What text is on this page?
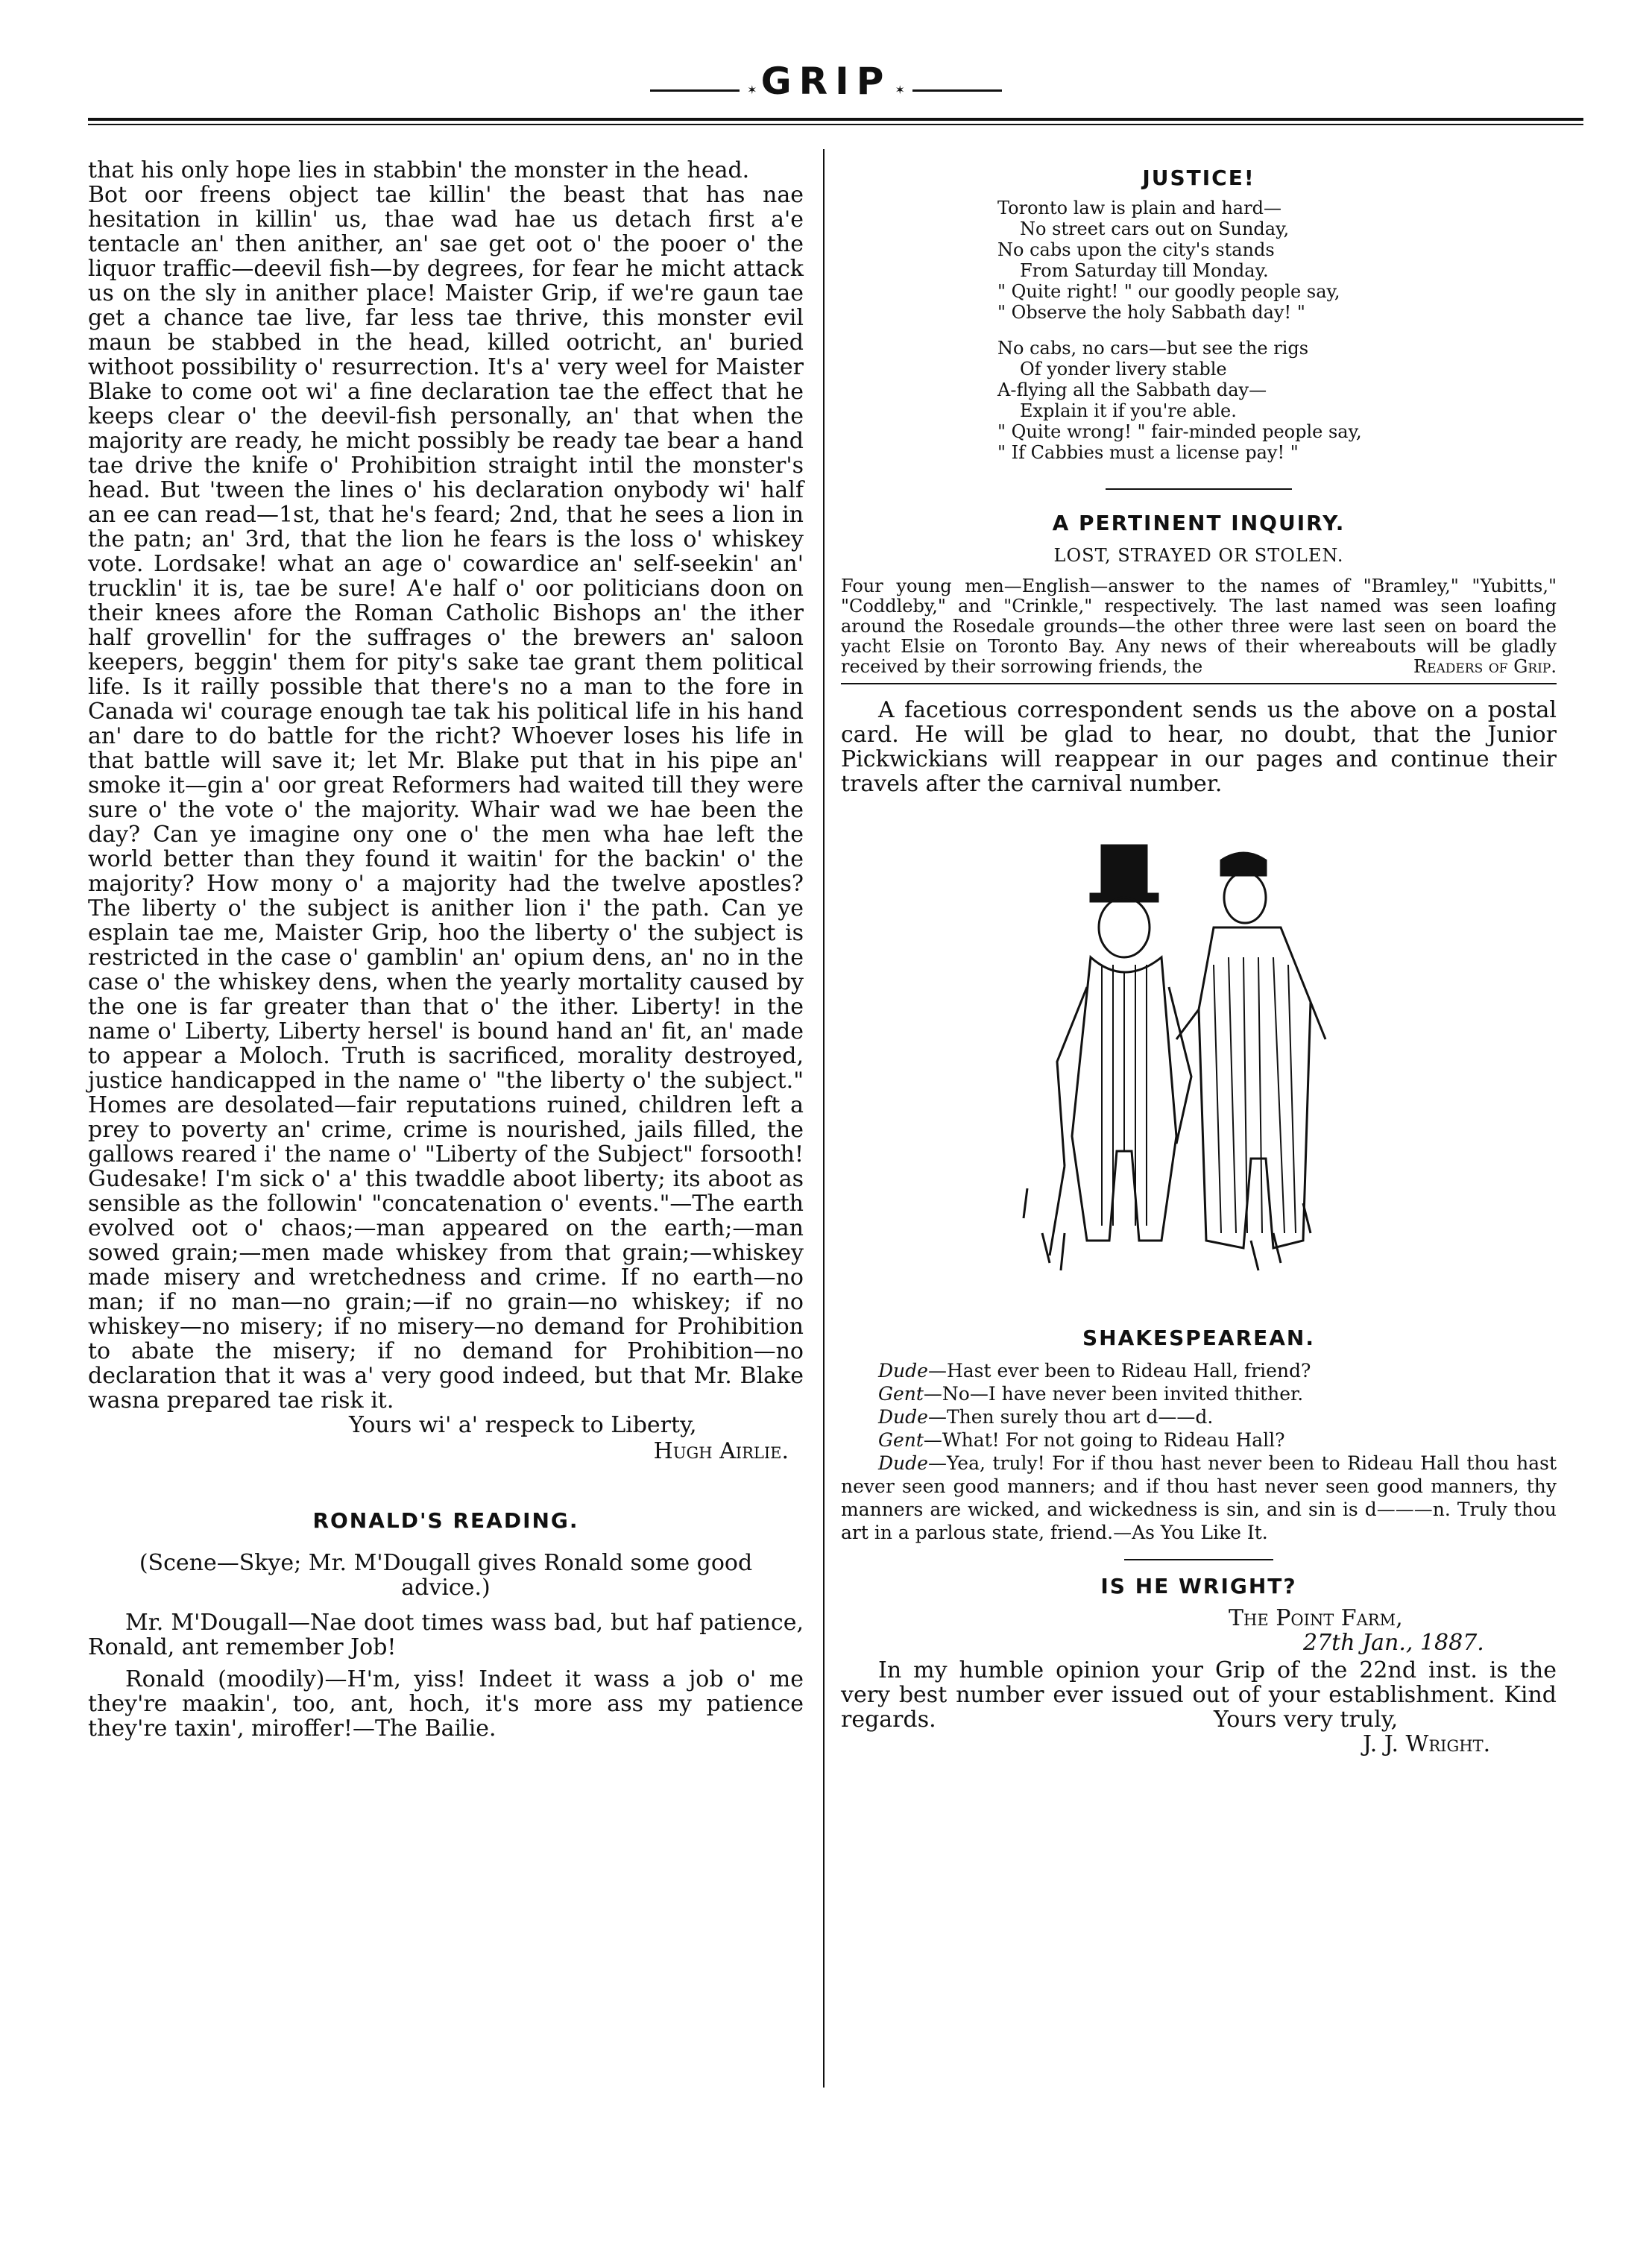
✶ GRIP ✶

that his only hope lies in stabbin' the monster in the head.

Bot oor freens object tae killin' the beast that has nae hesitation in killin' us, thae wad hae us detach first a'e tentacle an' then anither, an' sae get oot o' the pooer o' the liquor traffic—deevil fish—by degrees, for fear he micht attack us on the sly in anither place! Maister Grip, if we're gaun tae get a chance tae live, far less tae thrive, this monster evil maun be stabbed in the head, killed ootricht, an' buried withoot possibility o' resurrection. It's a' very weel for Maister Blake to come oot wi' a fine declaration tae the effect that he keeps clear o' the deevil-fish personally, an' that when the majority are ready, he micht possibly be ready tae bear a hand tae drive the knife o' Prohibition straight intil the monster's head. But 'tween the lines o' his declaration onybody wi' half an ee can read—1st, that he's feard; 2nd, that he sees a lion in the patn; an' 3rd, that the lion he fears is the loss o' whiskey vote. Lordsake! what an age o' cowardice an' self-seekin' an' trucklin' it is, tae be sure! A'e half o' oor politicians doon on their knees afore the Roman Catholic Bishops an' the ither half grovellin' for the suffrages o' the brewers an' saloon keepers, beggin' them for pity's sake tae grant them political life. Is it railly possible that there's no a man to the fore in Canada wi' courage enough tae tak his political life in his hand an' dare to do battle for the richt? Whoever loses his life in that battle will save it; let Mr. Blake put that in his pipe an' smoke it—gin a' oor great Reformers had waited till they were sure o' the vote o' the majority. Whair wad we hae been the day? Can ye imagine ony one o' the men wha hae left the world better than they found it waitin' for the backin' o' the majority? How mony o' a majority had the twelve apostles? The liberty o' the subject is anither lion i' the path. Can ye esplain tae me, Maister Grip, hoo the liberty o' the subject is restricted in the case o' gamblin' an' opium dens, an' no in the case o' the whiskey dens, when the yearly mortality caused by the one is far greater than that o' the ither. Liberty! in the name o' Liberty, Liberty hersel' is bound hand an' fit, an' made to appear a Moloch. Truth is sacrificed, morality destroyed, justice handicapped in the name o' "the liberty o' the subject." Homes are desolated—fair reputations ruined, children left a prey to poverty an' crime, crime is nourished, jails filled, the gallows reared i' the name o' "Liberty of the Subject" forsooth! Gudesake! I'm sick o' a' this twaddle aboot liberty; its aboot as sensible as the followin' "concatenation o' events."—The earth evolved oot o' chaos;—man appeared on the earth;—man sowed grain;—men made whiskey from that grain;—whiskey made misery and wretchedness and crime. If no earth—no man; if no man—no grain;—if no grain—no whiskey; if no whiskey—no misery; if no misery—no demand for Prohibition to abate the misery; if no demand for Prohibition—no declaration that it was a' very good indeed, but that Mr. Blake wasna prepared tae risk it.

Yours wi' a' respeck to Liberty,

Hugh Airlie.

RONALD'S READING.

(Scene—Skye; Mr. M'Dougall gives Ronald some good advice.)

Mr. M'Dougall—Nae doot times wass bad, but haf patience, Ronald, ant remember Job!

Ronald (moodily)—H'm, yiss! Indeet it wass a job o' me they're maakin', too, ant, hoch, it's more ass my patience they're taxin', miroffer!—The Bailie.

JUSTICE!

Toronto law is plain and hard—
No street cars out on Sunday,
No cabs upon the city's stands
From Saturday till Monday.
" Quite right! " our goodly people say,
" Observe the holy Sabbath day! "
No cabs, no cars—but see the rigs
Of yonder livery stable
A-flying all the Sabbath day—
Explain it if you're able.
" Quite wrong! " fair-minded people say,
" If Cabbies must a license pay! "

A PERTINENT INQUIRY.

LOST, STRAYED OR STOLEN.

Four young men—English—answer to the names of "Bramley," "Yubitts," "Coddleby," and "Crinkle," respectively. The last named was seen loafing around the Rosedale grounds—the other three were last seen on board the yacht Elsie on Toronto Bay. Any news of their whereabouts will be gladly received by their sorrowing friends, the	Readers of Grip.

A facetious correspondent sends us the above on a postal card. He will be glad to hear, no doubt, that the Junior Pickwickians will reappear in our pages and continue their travels after the carnival number.

SHAKESPEAREAN.

Dude—Hast ever been to Rideau Hall, friend?

Gent—No—I have never been invited thither.

Dude—Then surely thou art d——d.

Gent—What! For not going to Rideau Hall?

Dude—Yea, truly! For if thou hast never been to Rideau Hall thou hast never seen good manners; and if thou hast never seen good manners, thy manners are wicked, and wickedness is sin, and sin is d———n. Truly thou art in a parlous state, friend.—As You Like It.

IS HE WRIGHT?

The Point Farm,

27th Jan., 1887.

In my humble opinion your Grip of the 22nd inst. is the very best number ever issued out of your establishment. Kind regards.	Yours very truly,

J. J. Wright.
